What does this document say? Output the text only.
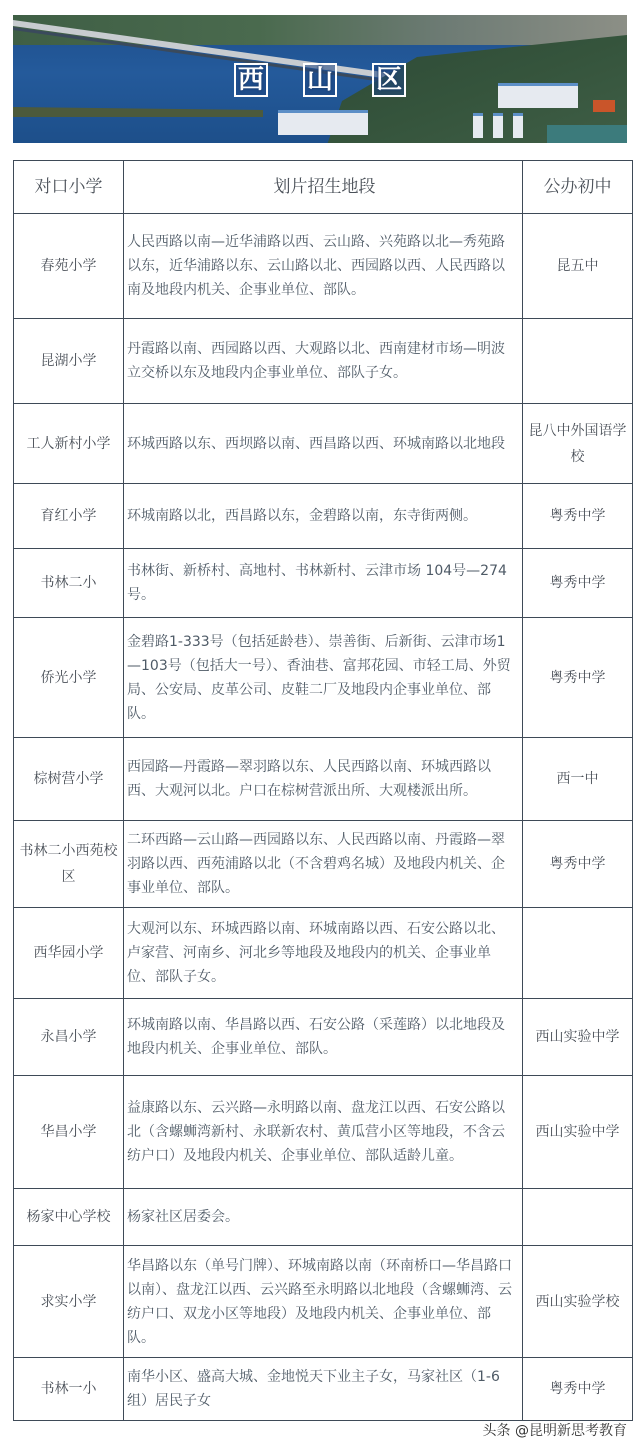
西 山 区
对口小学	划片招生地段	公办初中

春苑小学	人民西路以南—近华浦路以西、云山路、兴苑路以北—秀苑路以东，近华浦路以东、云山路以北、西园路以西、人民西路以南及地段内机关、企事业单位、部队。	昆五中

昆湖小学	丹霞路以南、西园路以西、大观路以北、西南建材市场—明波立交桥以东及地段内企事业单位、部队子女。	

工人新村小学	环城西路以东、西坝路以南、西昌路以西、环城南路以北地段	昆八中外国语学校

育红小学	环城南路以北，西昌路以东，金碧路以南，东寺街两侧。	粤秀中学

书林二小	书林街、新桥村、高地村、书林新村、云津市场 104号—274号。	粤秀中学

侨光小学	金碧路1-333号（包括延龄巷）、崇善街、后新街、云津市场1—103号（包括大一号）、香油巷、富邦花园、市轻工局、外贸局、公安局、皮革公司、皮鞋二厂及地段内企事业单位、部队。	粤秀中学

棕树营小学	西园路—丹霞路—翠羽路以东、人民西路以南、环城西路以西、大观河以北。户口在棕树营派出所、大观楼派出所。	西一中

书林二小西苑校区	二环西路—云山路—西园路以东、人民西路以南、丹霞路—翠羽路以西、西苑浦路以北（不含碧鸡名城）及地段内机关、企事业单位、部队。	粤秀中学

西华园小学	大观河以东、环城西路以南、环城南路以西、石安公路以北、卢家营、河南乡、河北乡等地段及地段内的机关、企事业单位、部队子女。	

永昌小学	环城南路以南、华昌路以西、石安公路（采莲路）以北地段及地段内机关、企事业单位、部队。	西山实验中学

华昌小学	益康路以东、云兴路—永明路以南、盘龙江以西、石安公路以北（含螺蛳湾新村、永联新农村、黄瓜营小区等地段，不含云纺户口）及地段内机关、企事业单位、部队适龄儿童。	西山实验中学

杨家中心学校	杨家社区居委会。	

求实小学	华昌路以东（单号门牌）、环城南路以南（环南桥口—华昌路口以南）、盘龙江以西、云兴路至永明路以北地段（含螺蛳湾、云纺户口、双龙小区等地段）及地段内机关、企事业单位、部队。	西山实验学校

书林一小	南华小区、盛高大城、金地悦天下业主子女，马家社区（1-6组）居民子女	粤秀中学
头条 @昆明新思考教育
